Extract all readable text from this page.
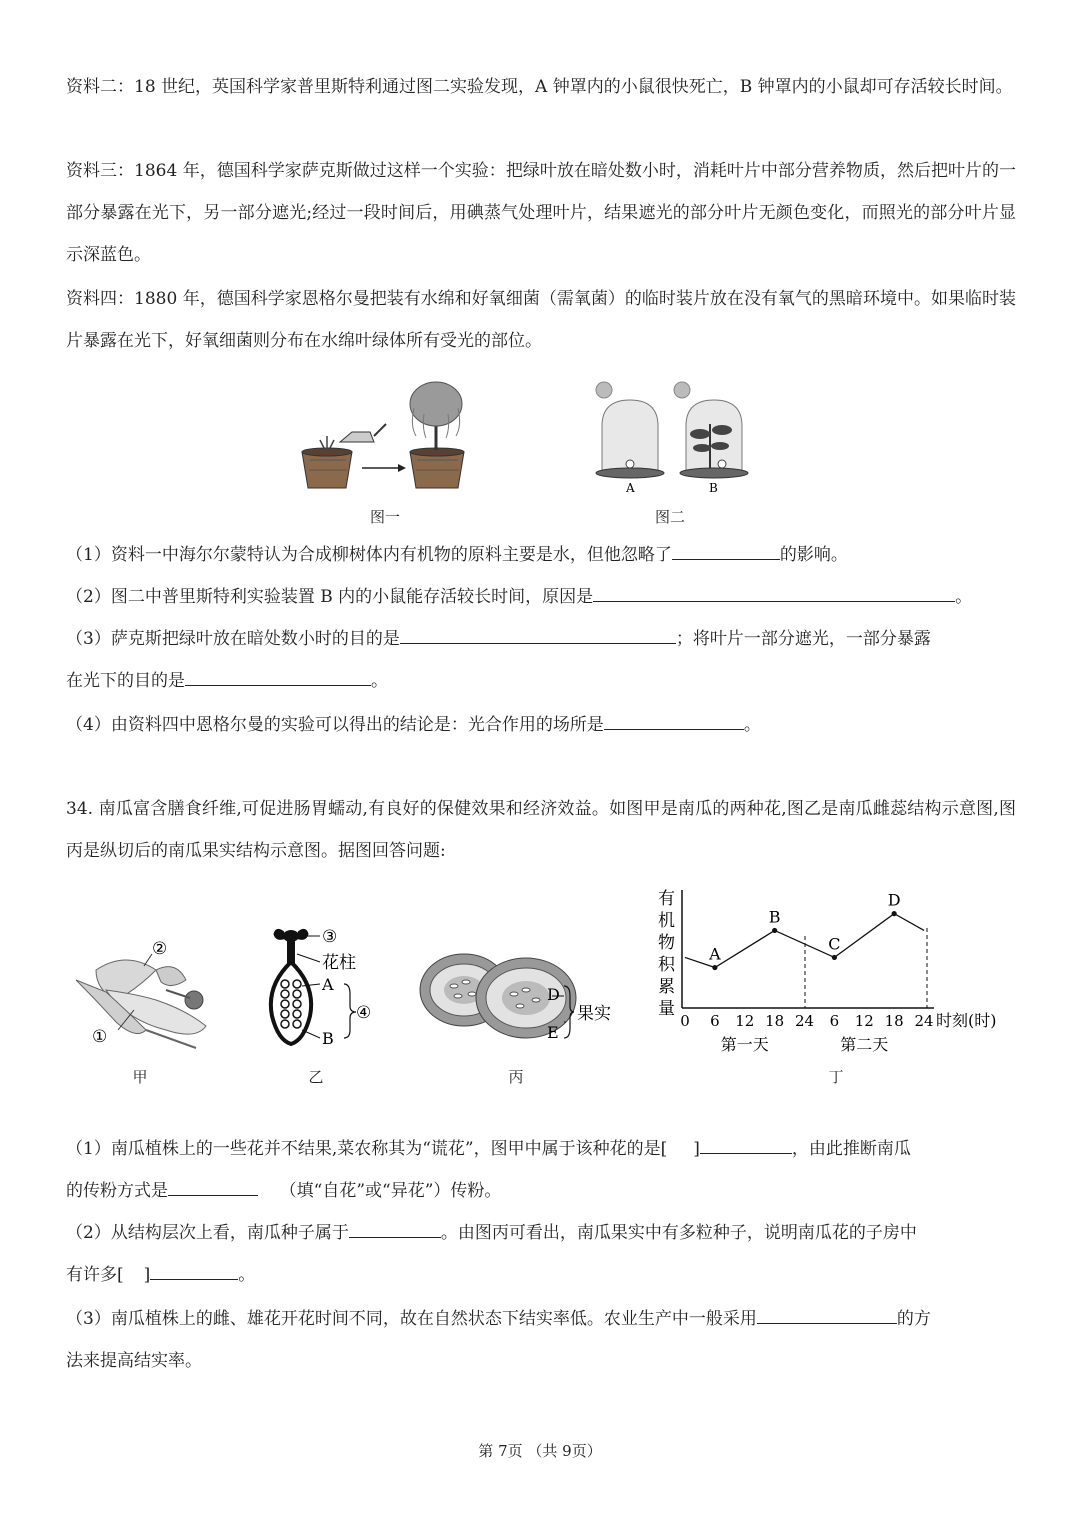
资料二：18 世纪，英国科学家普里斯特利通过图二实验发现，A 钟罩内的小鼠很快死亡，B 钟罩内的小鼠却可存活较长时间。

资料三：1864 年，德国科学家萨克斯做过这样一个实验：把绿叶放在暗处数小时，消耗叶片中部分营养物质，然后把叶片的一部分暴露在光下，另一部分遮光;经过一段时间后，用碘蒸气处理叶片，结果遮光的部分叶片无颜色变化，而照光的部分叶片显示深蓝色。

资料四：1880 年，德国科学家恩格尔曼把装有水绵和好氧细菌（需氧菌）的临时装片放在没有氧气的黑暗环境中。如果临时装片暴露在光下，好氧细菌则分布在水绵叶绿体所有受光的部位。

图一
A	B
图二

（1）资料一中海尔尔蒙特认为合成柳树体内有机物的原料主要是水，但他忽略了	的影响。

（2）图二中普里斯特利实验装置 B 内的小鼠能存活较长时间，原因是	。

（3）萨克斯把绿叶放在暗处数小时的目的是	；将叶片一部分遮光，一部分暴露

在光下的目的是	。

（4）由资料四中恩格尔曼的实验可以得出的结论是：光合作用的场所是	。

34. 南瓜富含膳食纤维,可促进肠胃蠕动,有良好的保健效果和经济效益。如图甲是南瓜的两种花,图乙是南瓜雌蕊结构示意图,图丙是纵切后的南瓜果实结构示意图。据图回答问题:

①
②
甲
③
花柱
A
B
④
乙
D
E
果实
丙
有
机
物
积
累
量
0 6 12 18 24 6 12 18 24
A
B
C
D
第一天	第二天
时刻(时)
丁

（1）南瓜植株上的一些花并不结果,菜农称其为“谎花”，图甲中属于该种花的是[ ]	，由此推断南瓜

的传粉方式是	（填“自花”或“异花”）传粉。

（2）从结构层次上看，南瓜种子属于	。由图丙可看出，南瓜果实中有多粒种子，说明南瓜花的子房中

有许多[ ]	。

（3）南瓜植株上的雌、雄花开花时间不同，故在自然状态下结实率低。农业生产中一般采用	的方

法来提高结实率。

第 7页 （共 9页）
